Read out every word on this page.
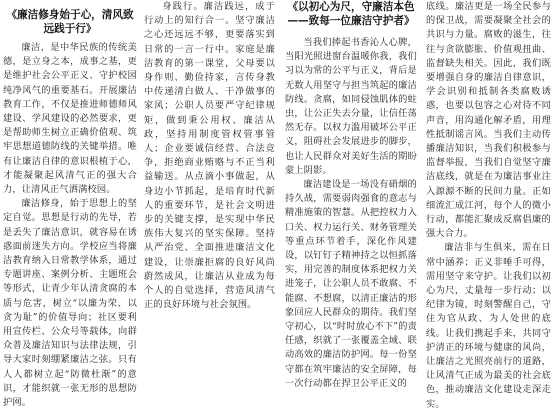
《廉洁修身始于心，清风致远践于行》

廉洁，是中华民族的传统美德，是立身之本，成事之基，更是维护社会公平正义、守护校园纯净风气的重要基石。开展廉洁教育工作，不仅是推进师德师风建设、学风建设的必然要求，更是帮助师生树立正确价值观、筑牢思想道德防线的关键举措。唯有让廉洁自律的意识根植于心，才能凝聚起风清气正的强大合力，让清风正气洒满校园。

廉洁修身，始于思想上的坚定自觉。思想是行动的先导，若是丢失了廉洁意识，就容易在诱惑面前迷失方向。学校应当将廉洁教育纳入日常教学体系，通过专题讲座、案例分析、主题班会等形式，让青少年认清贪腐的本质与危害，树立“以廉为荣、以贪为耻”的价值导向；社区要利用宣传栏、公众号等载体，向群众普及廉洁知识与法律法规，引导大家时刻绷紧廉洁之弦。只有人人都树立起“防微杜渐”的意识，才能织就一张无形的思想防护网。

身践行。廉洁践远，成于行动上的知行合一。坚守廉洁之心还远远不够，更要落实到日常的一言一行中。家庭是廉洁教育的第一课堂，父母要以身作则、勤俭持家，言传身教中传递清白做人、干净做事的家风；公职人员要严守纪律规矩，做到秉公用权、廉洁从政，坚持用制度管权管事管人；企业要诚信经营、合法竞争，拒绝商业贿赂与不正当利益输送。从点滴小事做起，从身边小节抓起，是培育时代新人的重要环节，是社会文明进步的关键支撑，是实现中华民族伟大复兴的坚实保障。坚持从严治党、全面推进廉洁文化建设，让崇廉拒腐的良好风尚蔚然成风，让廉洁从业成为每个人的自觉选择，营造风清气正的良好环境与社会氛围。

《以初心为尺，守廉洁本色——致每一位廉洁守护者》

当我们捧起书香沁人心脾，当阳光照进窗台温暖你我，我们习以为常的公平与正义，背后是无数人用坚守与担当筑起的廉洁防线。贪腐，如同侵蚀肌体的蛀虫，让公正失去分量，让信任荡然无存。以权力滥用破坏公平正义，阻碍社会发展进步的脚步，也让人民群众对美好生活的期盼蒙上阴影。

廉洁建设是一场没有硝烟的持久战，需要弱肉强食的意志与精准施策的智慧。从把控权力入口关、权力运行关、财务管理关等重点环节着手，深化作风建设，以钉钉子精神持之以恒抓落实，用完善的制度体系把权力关进笼子，让公职人员不敢腐、不能腐、不想腐，以清正廉洁的形象回应人民群众的期待。我们坚守初心，以“时时放心不下”的责任感，织就了一张覆盖全域、联动高效的廉洁防护网。每一份坚守都在筑牢廉洁的安全屏障，每一次行动都在捍卫公平正义的

底线。廉洁更是一场全民参与的保卫战，需要凝聚全社会的共识与力量。腐败的滋生，往往与贪欲膨胀、价值观扭曲、监督缺失相关。因此，我们既要增强自身的廉洁自律意识，学会识别和抵制各类腐败诱惑，也要以包容之心对待不同声音，用沟通化解矛盾，用理性抵制谣言风。当我们主动传播廉洁知识，当我们积极参与监督举报，当我们自觉坚守廉洁底线，就是在为廉洁事业注入源源不断的民间力量。正如细流汇成江河，每个人的微小行动，都能汇聚成反腐倡廉的强大合力。

廉洁非与生俱来，需在日常中涵养；正义非唾手可得，需用坚守来守护。让我们以初心为尺，丈量每一步行动；以纪律为镜，时刻警醒自己，守住为官从政、为人处世的底线。让我们携起手来，共同守护清正的环境与健康的风尚，让廉洁之光照亮前行的道路，让风清气正成为最美的社会底色，推动廉洁文化建设走深走实。
